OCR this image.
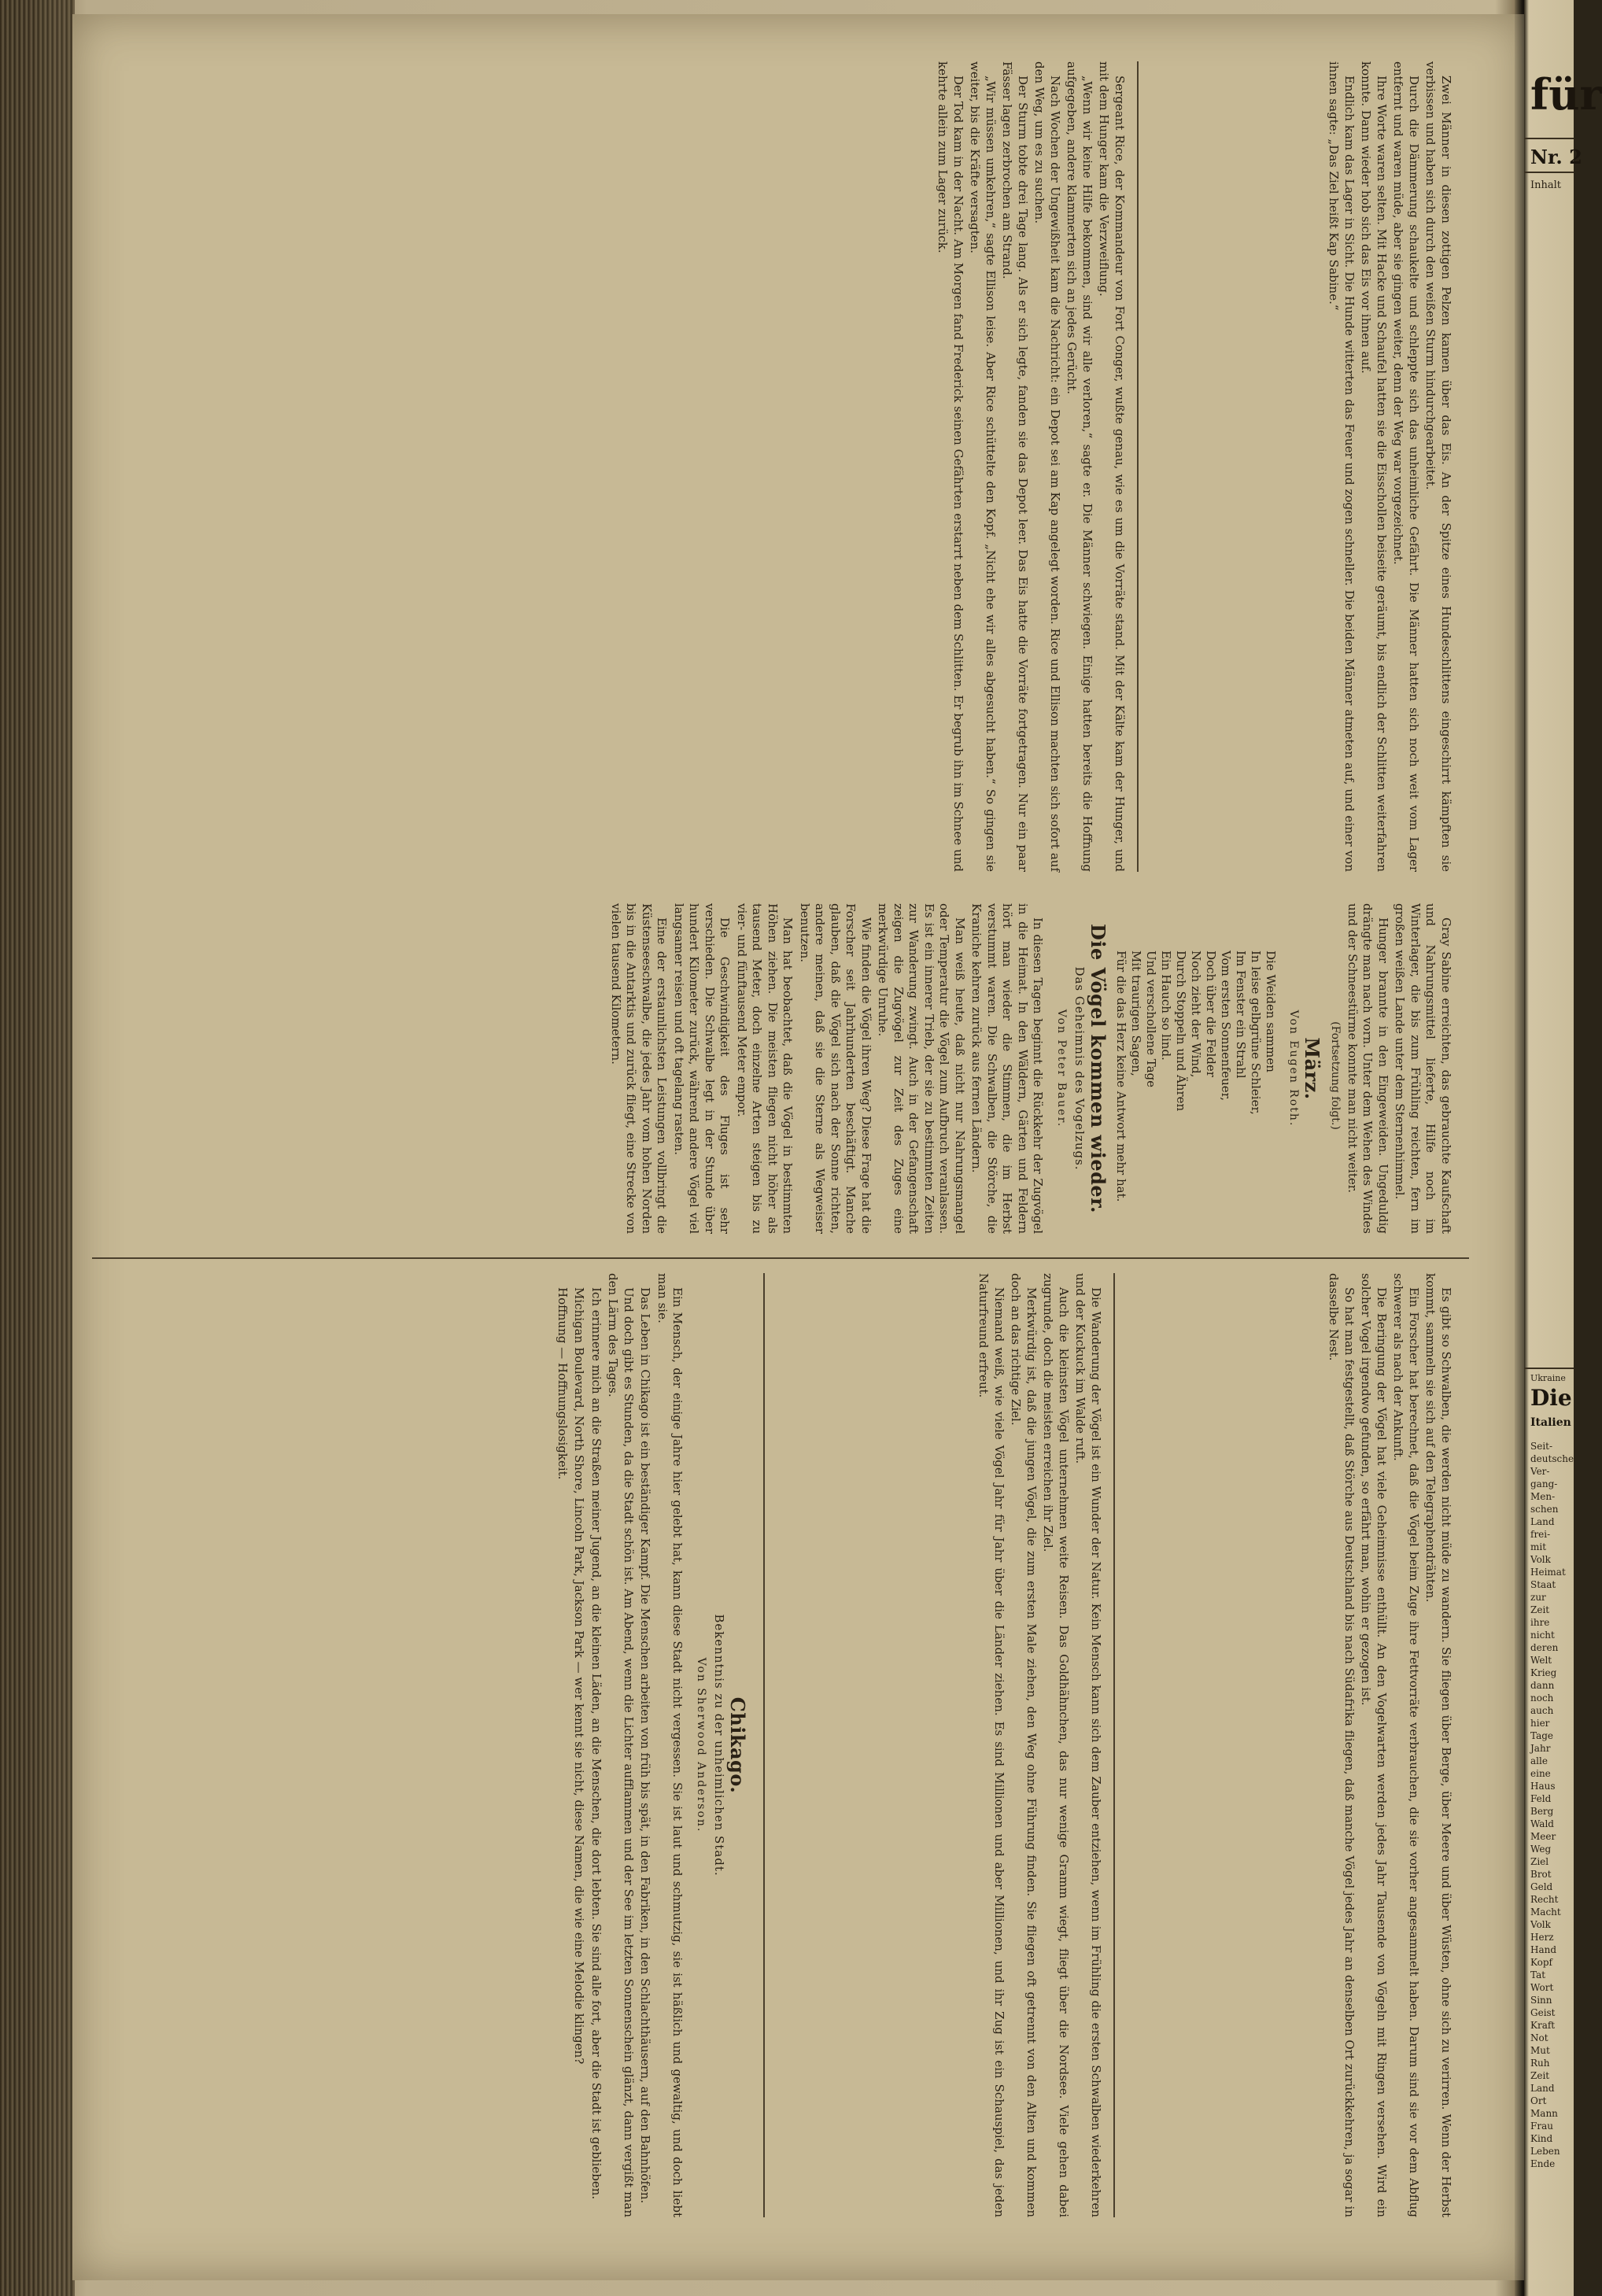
Zwei Männer in diesen zottigen Pelzen kamen über das Eis. An der Spitze eines Hundeschlittens eingeschirrt kämpften sie verbissen und haben sich durch den weißen Sturm hindurchgearbeitet.

Durch die Dämmerung schaukelte und schleppte sich das unheimliche Gefährt. Die Männer hatten sich noch weit vom Lager entfernt und waren müde, aber sie gingen weiter, denn der Weg war vorgezeichnet.

Ihre Worte waren selten. Mit Hacke und Schaufel hatten sie die Eisschollen beiseite geräumt, bis endlich der Schlitten weiterfahren konnte. Dann wieder hob sich das Eis vor ihnen auf.

Endlich kam das Lager in Sicht. Die Hunde witterten das Feuer und zogen schneller. Die beiden Männer atmeten auf, und einer von ihnen sagte: „Das Ziel heißt Kap Sabine.“

Sergeant Rice, der Kommandeur von Fort Conger, wußte genau, wie es um die Vorräte stand. Mit der Kälte kam der Hunger, und mit dem Hunger kam die Verzweiflung.

„Wenn wir keine Hilfe bekommen, sind wir alle verloren,“ sagte er. Die Männer schwiegen. Einige hatten bereits die Hoffnung aufgegeben, andere klammerten sich an jedes Gerücht.

Nach Wochen der Ungewißheit kam die Nachricht: ein Depot sei am Kap angelegt worden. Rice und Ellison machten sich sofort auf den Weg, um es zu suchen.

Der Sturm tobte drei Tage lang. Als er sich legte, fanden sie das Depot leer. Das Eis hatte die Vorräte fortgetragen. Nur ein paar Fässer lagen zerbrochen am Strand.

„Wir müssen umkehren,“ sagte Ellison leise. Aber Rice schüttelte den Kopf. „Nicht ehe wir alles abgesucht haben.“ So gingen sie weiter, bis die Kräfte versagten.

Der Tod kam in der Nacht. Am Morgen fand Frederick seinen Gefährten erstarrt neben dem Schlitten. Er begrub ihn im Schnee und kehrte allein zum Lager zurück.

Gray Sabine erreichten, das gebrauchte Kaufschaft und Nahrungsmittel lieferte, Hilfe noch im Winterlager, die bis zum Frühling reichten, fern im großen weißen Lande unter dem Sternenhimmel.

Hunger brannte in den Eingeweiden. Ungeduldig drängte man nach vorn. Unter dem Wehen des Windes und der Schneestürme konnte man nicht weiter.

(Fortsetzung folgt.)

März.
Von Eugen Roth.
Die Weiden sammen
In leise gelbgrüne Schleier,
Im Fenster ein Strahl
Vom ersten Sonnenfeuer,
Doch über die Felder
Noch zieht der Wind,
Durch Stoppeln und Ähren
Ein Hauch so lind.
Und verschollene Tage
Mit traurigen Sagen,
Für die das Herz keine Antwort mehr hat.
Die Vögel kommen wieder.
Das Geheimnis des Vogelzugs.
Von Peter Bauer.

In diesen Tagen beginnt die Rückkehr der Zugvögel in die Heimat. In den Wäldern, Gärten und Feldern hört man wieder die Stimmen, die im Herbst verstummt waren. Die Schwalben, die Störche, die Kraniche kehren zurück aus fernen Ländern.

Man weiß heute, daß nicht nur Nahrungsmangel oder Temperatur die Vögel zum Aufbruch veranlassen. Es ist ein innerer Trieb, der sie zu bestimmten Zeiten zur Wanderung zwingt. Auch in der Gefangenschaft zeigen die Zugvögel zur Zeit des Zuges eine merkwürdige Unruhe.

Wie finden die Vögel ihren Weg? Diese Frage hat die Forscher seit Jahrhunderten beschäftigt. Manche glauben, daß die Vögel sich nach der Sonne richten, andere meinen, daß sie die Sterne als Wegweiser benutzen.

Man hat beobachtet, daß die Vögel in bestimmten Höhen ziehen. Die meisten fliegen nicht höher als tausend Meter, doch einzelne Arten steigen bis zu vier- und fünftausend Meter empor.

Die Geschwindigkeit des Fluges ist sehr verschieden. Die Schwalbe legt in der Stunde über hundert Kilometer zurück, während andere Vögel viel langsamer reisen und oft tagelang rasten.

Eine der erstaunlichsten Leistungen vollbringt die Küstenseeschwalbe, die jedes Jahr vom hohen Norden bis in die Antarktis und zurück fliegt, eine Strecke von vielen tausend Kilometern.

Es gibt so Schwalben, die werden nicht müde zu wandern. Sie fliegen über Berge, über Meere und über Wüsten, ohne sich zu verirren. Wenn der Herbst kommt, sammeln sie sich auf den Telegraphendrähten.

Ein Forscher hat berechnet, daß die Vögel beim Zuge ihre Fettvorräte verbrauchen, die sie vorher angesammelt haben. Darum sind sie vor dem Abflug schwerer als nach der Ankunft.

Die Beringung der Vögel hat viele Geheimnisse enthüllt. An den Vogelwarten werden jedes Jahr Tausende von Vögeln mit Ringen versehen. Wird ein solcher Vogel irgendwo gefunden, so erfährt man, wohin er gezogen ist.

So hat man festgestellt, daß Störche aus Deutschland bis nach Südafrika fliegen, daß manche Vögel jedes Jahr an denselben Ort zurückkehren, ja sogar in dasselbe Nest.

Die Wanderung der Vögel ist ein Wunder der Natur. Kein Mensch kann sich dem Zauber entziehen, wenn im Frühling die ersten Schwalben wiederkehren und der Kuckuck im Walde ruft.

Auch die kleinsten Vögel unternehmen weite Reisen. Das Goldhähnchen, das nur wenige Gramm wiegt, fliegt über die Nordsee. Viele gehen dabei zugrunde, doch die meisten erreichen ihr Ziel.

Merkwürdig ist, daß die jungen Vögel, die zum ersten Male ziehen, den Weg ohne Führung finden. Sie fliegen oft getrennt von den Alten und kommen doch an das richtige Ziel.

Niemand weiß, wie viele Vögel Jahr für Jahr über die Länder ziehen. Es sind Millionen und aber Millionen, und ihr Zug ist ein Schauspiel, das jeden Naturfreund erfreut.

Chikago.
Bekenntnis zu der unheimlichen Stadt.
Von Sherwood Anderson.

Ein Mensch, der einige Jahre hier gelebt hat, kann diese Stadt nicht vergessen. Sie ist laut und schmutzig, sie ist häßlich und gewaltig, und doch liebt man sie.

Das Leben in Chikago ist ein beständiger Kampf. Die Menschen arbeiten von früh bis spät, in den Fabriken, in den Schlachthäusern, auf den Bahnhöfen.

Und doch gibt es Stunden, da die Stadt schön ist. Am Abend, wenn die Lichter aufflammen und der See im letzten Sonnenschein glänzt, dann vergißt man den Lärm des Tages.

Ich erinnere mich an die Straßen meiner Jugend, an die kleinen Läden, an die Menschen, die dort lebten. Sie sind alle fort, aber die Stadt ist geblieben.

Michigan Boulevard, North Shore, Lincoln Park, Jackson Park — wer kennt sie nicht, diese Namen, die wie eine Melodie klingen?

Hoffnung — Hoffnungslosigkeit.

für
Nr. 2
Inhalt
Ukraine
Die
Italien
Seit-
deutsche
Ver-
gang-
Men-
schen
Land
frei-
mit
Volk
Heimat
Staat
zur
Zeit
ihre
nicht
deren
Welt
Krieg
dann
noch
auch
hier
Tage
Jahr
alle
eine
Haus
Feld
Berg
Wald
Meer
Weg
Ziel
Brot
Geld
Recht
Macht
Volk
Herz
Hand
Kopf
Tat
Wort
Sinn
Geist
Kraft
Not
Mut
Ruh
Zeit
Land
Ort
Mann
Frau
Kind
Leben
Ende
